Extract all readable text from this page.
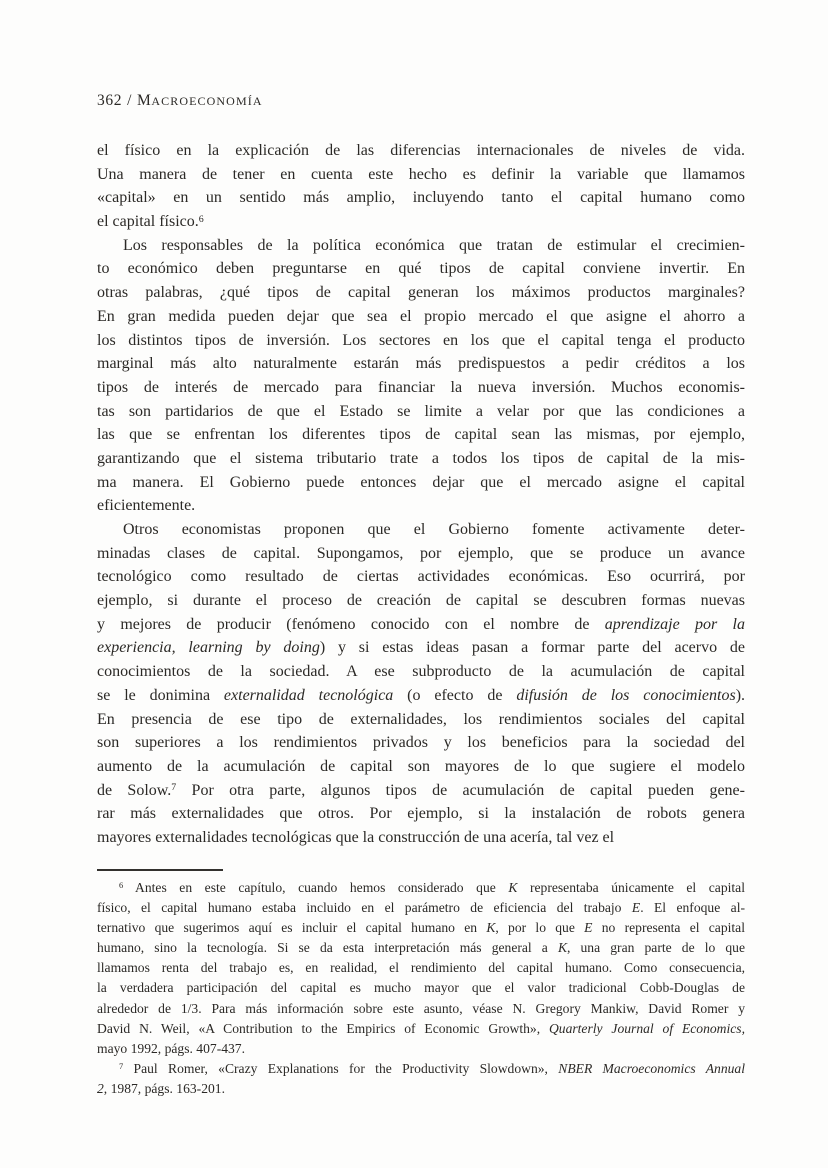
362 / MACROECONOMÍA
el físico en la explicación de las diferencias internacionales de niveles de vida.
Una manera de tener en cuenta este hecho es definir la variable que llamamos
«capital» en un sentido más amplio, incluyendo tanto el capital humano como
el capital físico.$^6$
Los responsables de la política económica que tratan de estimular el crecimien-
to económico deben preguntarse en qué tipos de capital conviene invertir. En
otras palabras, ¿qué tipos de capital generan los máximos productos marginales?
En gran medida pueden dejar que sea el propio mercado el que asigne el ahorro a
los distintos tipos de inversión. Los sectores en los que el capital tenga el producto
marginal más alto naturalmente estarán más predispuestos a pedir créditos a los
tipos de interés de mercado para financiar la nueva inversión. Muchos economis-
tas son partidarios de que el Estado se limite a velar por que las condiciones a
las que se enfrentan los diferentes tipos de capital sean las mismas, por ejemplo,
garantizando que el sistema tributario trate a todos los tipos de capital de la mis-
ma manera. El Gobierno puede entonces dejar que el mercado asigne el capital
eficientemente.
Otros economistas proponen que el Gobierno fomente activamente deter-
minadas clases de capital. Supongamos, por ejemplo, que se produce un avance
tecnológico como resultado de ciertas actividades económicas. Eso ocurrirá, por
ejemplo, si durante el proceso de creación de capital se descubren formas nuevas
y mejores de producir (fenómeno conocido con el nombre de aprendizaje por la
experiencia, learning by doing) y si estas ideas pasan a formar parte del acervo de
conocimientos de la sociedad. A ese subproducto de la acumulación de capital
se le donimina externalidad tecnológica (o efecto de difusión de los conocimientos).
En presencia de ese tipo de externalidades, los rendimientos sociales del capital
son superiores a los rendimientos privados y los beneficios para la sociedad del
aumento de la acumulación de capital son mayores de lo que sugiere el modelo
de Solow.$^7$ Por otra parte, algunos tipos de acumulación de capital pueden gene-
rar más externalidades que otros. Por ejemplo, si la instalación de robots genera
mayores externalidades tecnológicas que la construcción de una acería, tal vez el
$^6$ Antes en este capítulo, cuando hemos considerado que K representaba únicamente el capital
físico, el capital humano estaba incluido en el parámetro de eficiencia del trabajo E. El enfoque al-
ternativo que sugerimos aquí es incluir el capital humano en K, por lo que E no representa el capital
humano, sino la tecnología. Si se da esta interpretación más general a K, una gran parte de lo que
llamamos renta del trabajo es, en realidad, el rendimiento del capital humano. Como consecuencia,
la verdadera participación del capital es mucho mayor que el valor tradicional Cobb-Douglas de
alrededor de 1/3. Para más información sobre este asunto, véase N. Gregory Mankiw, David Romer y
David N. Weil, «A Contribution to the Empirics of Economic Growth», Quarterly Journal of Economics,
mayo 1992, págs. 407-437.
$^7$ Paul Romer, «Crazy Explanations for the Productivity Slowdown», NBER Macroeconomics Annual
2, 1987, págs. 163-201.
